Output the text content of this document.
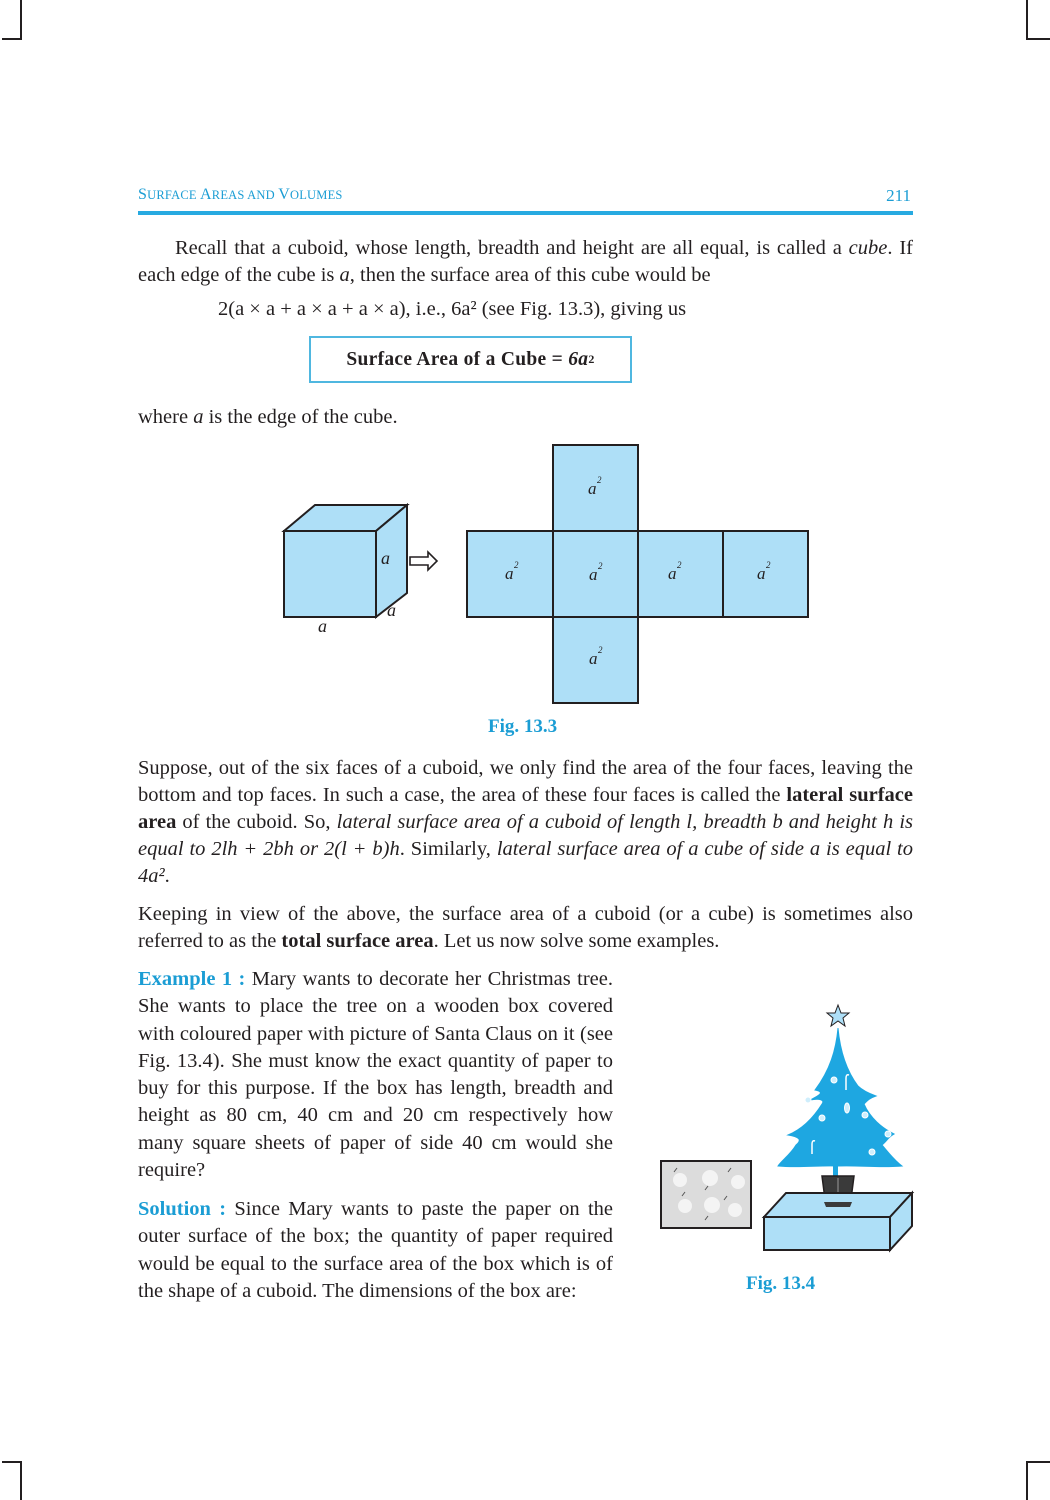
SURFACE AREAS AND VOLUMES	211
Recall that a cuboid, whose length, breadth and height are all equal, is called a cube. If each edge of the cube is a, then the surface area of this cube would be
2(a × a + a × a + a × a), i.e., 6a² (see Fig. 13.3), giving us
Surface Area of a Cube =
6a 2
where a is the edge of the cube.
a
a
a
a 2
a 2	a 2	a 2	a 2
a 2
Fig. 13.3
Suppose, out of the six faces of a cuboid, we only find the area of the four faces, leaving the bottom and top faces. In such a case, the area of these four faces is called the lateral surface area of the cuboid. So, lateral surface area of a cuboid of length l, breadth b and height h is equal to 2lh + 2bh or 2(l + b)h. Similarly, lateral surface area of a cube of side a is equal to 4a².
Keeping in view of the above, the surface area of a cuboid (or a cube) is sometimes also referred to as the total surface area. Let us now solve some examples.
Example 1 : Mary wants to decorate her Christmas tree. She wants to place the tree on a wooden box covered with coloured paper with picture of Santa Claus on it (see Fig. 13.4). She must know the exact quantity of paper to buy for this purpose. If the box has length, breadth and height as 80 cm, 40 cm and 20 cm respectively how many square sheets of paper of side 40 cm would she require?
Solution : Since Mary wants to paste the paper on the outer surface of the box; the quantity of paper required would be equal to the surface area of the box which is of the shape of a cuboid. The dimensions of the box are:	Fig. 13.4
